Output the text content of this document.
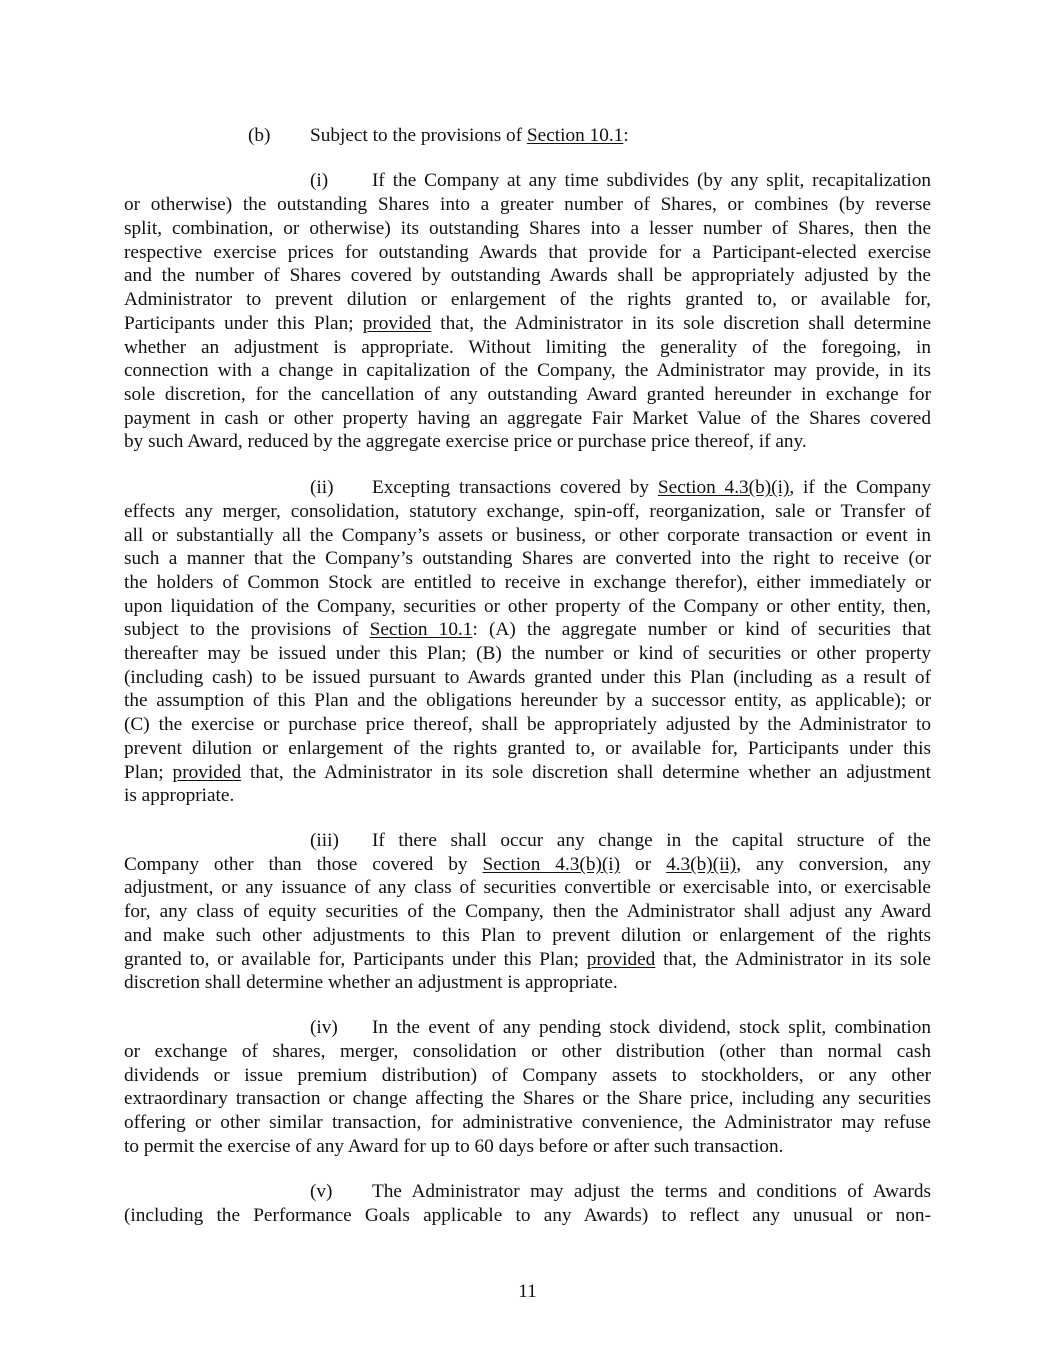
(b) Subject to the provisions of Section 10.1:
(i) If the Company at any time subdivides (by any split, recapitalization
or otherwise) the outstanding Shares into a greater number of Shares, or combines (by reverse
split, combination, or otherwise) its outstanding Shares into a lesser number of Shares, then the
respective exercise prices for outstanding Awards that provide for a Participant-elected exercise
and the number of Shares covered by outstanding Awards shall be appropriately adjusted by the
Administrator to prevent dilution or enlargement of the rights granted to, or available for,
Participants under this Plan; provided that, the Administrator in its sole discretion shall determine
whether an adjustment is appropriate. Without limiting the generality of the foregoing, in
connection with a change in capitalization of the Company, the Administrator may provide, in its
sole discretion, for the cancellation of any outstanding Award granted hereunder in exchange for
payment in cash or other property having an aggregate Fair Market Value of the Shares covered
by such Award, reduced by the aggregate exercise price or purchase price thereof, if any.
(ii) Excepting transactions covered by Section 4.3(b)(i), if the Company
effects any merger, consolidation, statutory exchange, spin-off, reorganization, sale or Transfer of
all or substantially all the Company’s assets or business, or other corporate transaction or event in
such a manner that the Company’s outstanding Shares are converted into the right to receive (or
the holders of Common Stock are entitled to receive in exchange therefor), either immediately or
upon liquidation of the Company, securities or other property of the Company or other entity, then,
subject to the provisions of Section 10.1: (A) the aggregate number or kind of securities that
thereafter may be issued under this Plan; (B) the number or kind of securities or other property
(including cash) to be issued pursuant to Awards granted under this Plan (including as a result of
the assumption of this Plan and the obligations hereunder by a successor entity, as applicable); or
(C) the exercise or purchase price thereof, shall be appropriately adjusted by the Administrator to
prevent dilution or enlargement of the rights granted to, or available for, Participants under this
Plan; provided that, the Administrator in its sole discretion shall determine whether an adjustment
is appropriate.
(iii) If there shall occur any change in the capital structure of the
Company other than those covered by Section 4.3(b)(i) or 4.3(b)(ii), any conversion, any
adjustment, or any issuance of any class of securities convertible or exercisable into, or exercisable
for, any class of equity securities of the Company, then the Administrator shall adjust any Award
and make such other adjustments to this Plan to prevent dilution or enlargement of the rights
granted to, or available for, Participants under this Plan; provided that, the Administrator in its sole
discretion shall determine whether an adjustment is appropriate.
(iv) In the event of any pending stock dividend, stock split, combination
or exchange of shares, merger, consolidation or other distribution (other than normal cash
dividends or issue premium distribution) of Company assets to stockholders, or any other
extraordinary transaction or change affecting the Shares or the Share price, including any securities
offering or other similar transaction, for administrative convenience, the Administrator may refuse
to permit the exercise of any Award for up to 60 days before or after such transaction.
(v) The Administrator may adjust the terms and conditions of Awards
(including the Performance Goals applicable to any Awards) to reflect any unusual or non-
11
